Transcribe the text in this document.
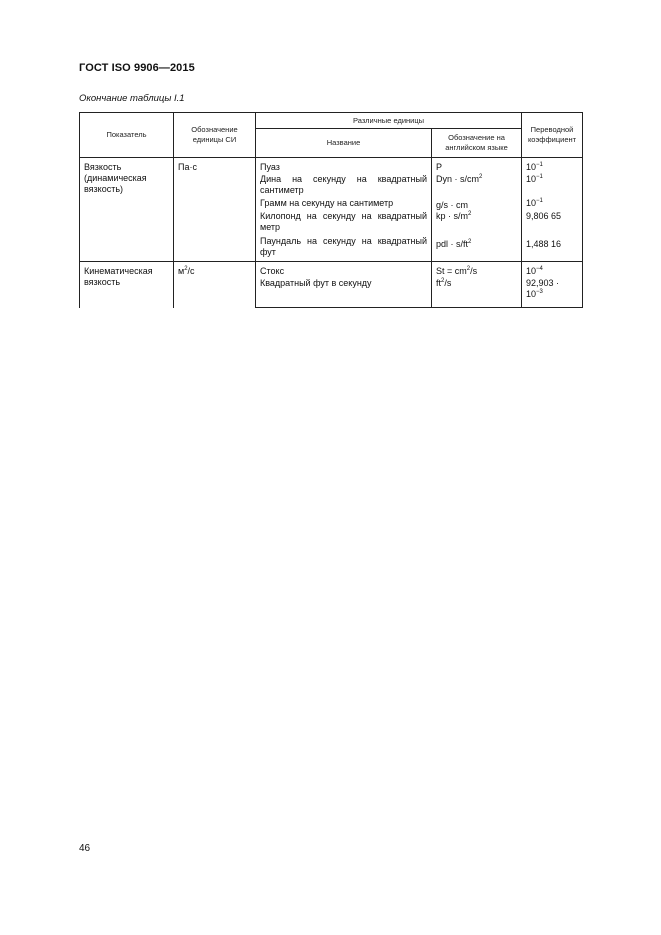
ГОСТ ISO 9906—2015
Окончание таблицы I.1
Показатель	Обозначение единицы СИ	Различные единицы		Переводной коэффициент
		Название	Обозначение на английском языке	
Вязкость (динамическая вязкость)	Па·с	Пуаз	P	$10^{-1}$
		Дина на секунду на квадратный сантиметр	Dyn · $s/cm^2$	$10^{-1}$
		Грамм на секунду на сантиметр	g/s · cm	$10^{-1}$
		Килопонд на секунду на квадратный метр	kp · $s/m^2$	9,806 65
		Паундаль на секунду на квадратный фут	pdl · $s/ft^2$	1,488 16
Кинематическая вязкость	$м^2/с$	Стокс	$St = cm^2/s$	$10^{-4}$
		Квадратный фут в секунду	$ft^2/s$	$92,903 \cdot 10^{-3}$
46
